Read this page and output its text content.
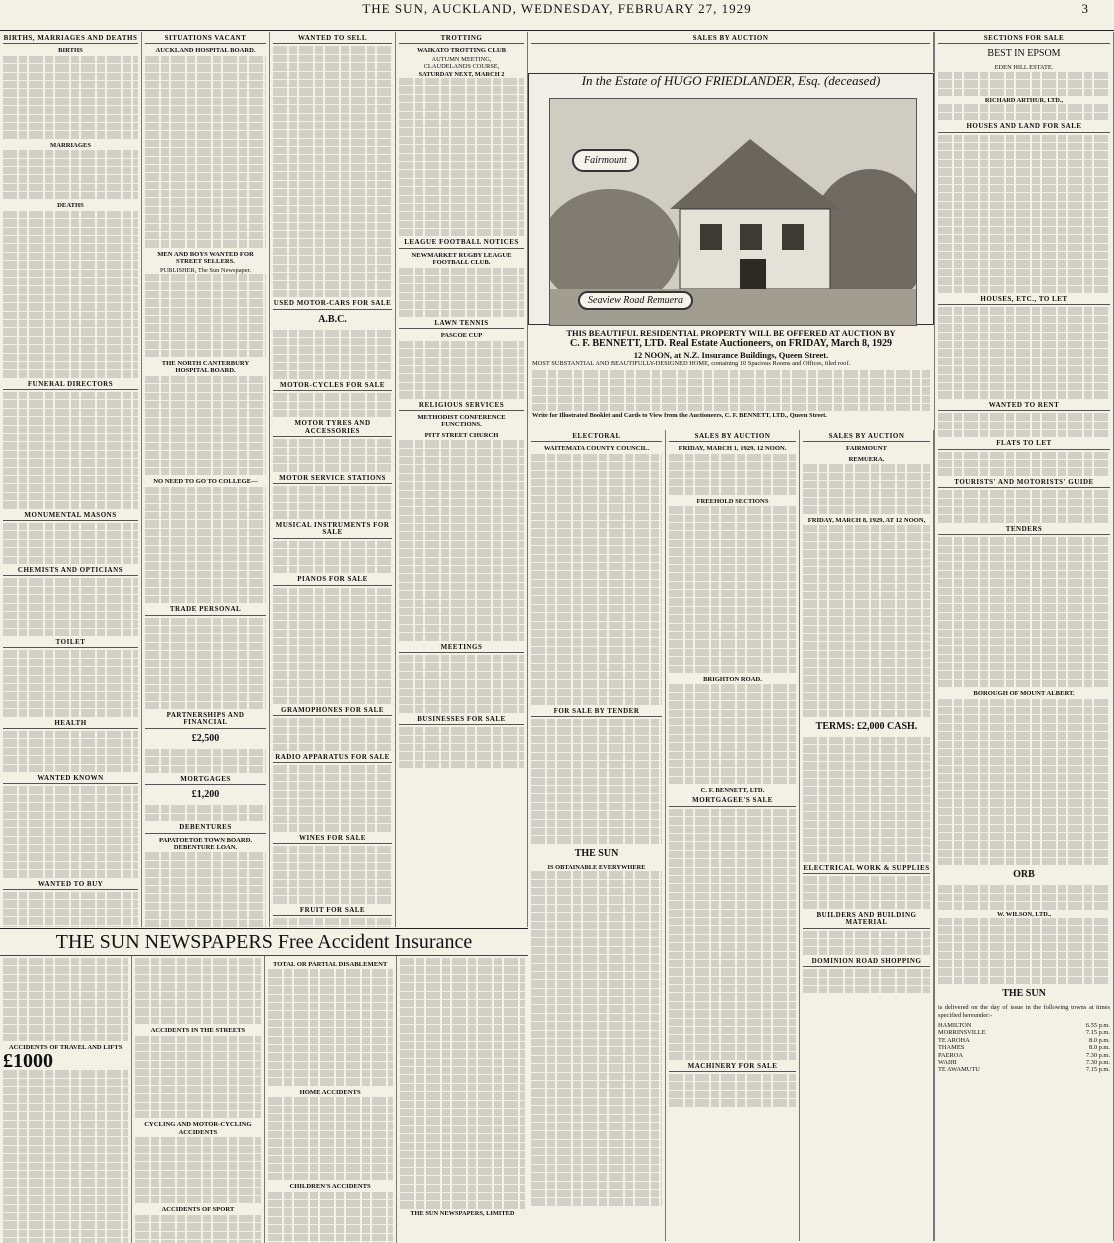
THE SUN, AUCKLAND, WEDNESDAY, FEBRUARY 27, 1929	3
BIRTHS, MARRIAGES AND DEATHS
BIRTHS
MARRIAGES
DEATHS
FUNERAL DIRECTORS
MONUMENTAL MASONS
CHEMISTS AND OPTICIANS
TOILET
HEALTH
WANTED KNOWN
WANTED TO BUY
SITUATIONS VACANT
AUCKLAND HOSPITAL BOARD.
MEN AND BOYS WANTED FOR STREET SELLERS.
PUBLISHER, The Sun Newspaper.
THE NORTH CANTERBURY HOSPITAL BOARD.
NO NEED TO GO TO COLLEGE—
TRADE PERSONAL
PARTNERSHIPS AND FINANCIAL
£2,500
MORTGAGES
£1,200
DEBENTURES
PAPATOETOE TOWN BOARD. DEBENTURE LOAN.
WANTED TO SELL
USED MOTOR-CARS FOR SALE
A.B.C.
MOTOR-CYCLES FOR SALE
MOTOR TYRES AND ACCESSORIES
MOTOR SERVICE STATIONS
MUSICAL INSTRUMENTS FOR SALE
PIANOS FOR SALE
GRAMOPHONES FOR SALE
RADIO APPARATUS FOR SALE
WINES FOR SALE
FRUIT FOR SALE
TROTTING
WAIKATO TROTTING CLUB
AUTUMN MEETING,
CLAUDELANDS COURSE,
SATURDAY NEXT, MARCH 2
LEAGUE FOOTBALL NOTICES
NEWMARKET RUGBY LEAGUE FOOTBALL CLUB.
LAWN TENNIS
PASCOE CUP
RELIGIOUS SERVICES
METHODIST CONFERENCE FUNCTIONS.
PITT STREET CHURCH
MEETINGS
BUSINESSES FOR SALE
SALES BY AUCTION
In the Estate of HUGO FRIEDLANDER, Esq. (deceased)
Fairmount
Seaview Road Remuera
THIS BEAUTIFUL RESIDENTIAL PROPERTY WILL BE OFFERED AT AUCTION BY
C. F. BENNETT, LTD. Real Estate Auctioneers, on FRIDAY, March 8, 1929
12 NOON, at N.Z. Insurance Buildings, Queen Street.

MOST SUBSTANTIAL AND BEAUTIFULLY-DESIGNED HOME, containing 10 Spacious Rooms and Offices, tiled roof.

Write for Illustrated Booklet and Cards to View from the Auctioneers, C. F. BENNETT, LTD., Queen Street.

ELECTORAL
WAITEMATA COUNTY COUNCIL.
FOR SALE BY TENDER
THE SUN
IS OBTAINABLE EVERYWHERE
SALES BY AUCTION
FRIDAY, MARCH 1, 1929, 12 NOON.
FREEHOLD SECTIONS
BRIGHTON ROAD.
C. F. BENNETT, LTD.
MORTGAGEE'S SALE
MACHINERY FOR SALE
SALES BY AUCTION
FAIRMOUNT
REMUERA.
FRIDAY, MARCH 8, 1929, AT 12 NOON,
TERMS: £2,000 CASH.
ELECTRICAL WORK & SUPPLIES
BUILDERS AND BUILDING MATERIAL
DOMINION ROAD SHOPPING
SECTIONS FOR SALE
BEST IN EPSOM
EDEN HILL ESTATE.
RICHARD ARTHUR, LTD.,
HOUSES AND LAND FOR SALE
HOUSES, ETC., TO LET
WANTED TO RENT
FLATS TO LET
TOURISTS' AND MOTORISTS' GUIDE
TENDERS
BOROUGH OF MOUNT ALBERT.
ORB
W. WILSON, LTD.,
THE SUN

is delivered on the day of issue in the following towns at times specified hereunder:-

HAMILTON	6.55 p.m.
MORRINSVILLE	7.15 p.m.
TE AROHA	8.0 p.m.
THAMES	8.0 p.m.
PAEROA	7.30 p.m.
WAIHI	7.30 p.m.
TE AWAMUTU	7.15 p.m.
THE SUN NEWSPAPERS Free Accident Insurance
ACCIDENTS OF TRAVEL AND LIFTS
£1000
ACCIDENTS IN THE STREETS
CYCLING AND MOTOR-CYCLING ACCIDENTS
ACCIDENTS OF SPORT
TOTAL OR PARTIAL DISABLEMENT
HOME ACCIDENTS
CHILDREN'S ACCIDENTS
THE SUN NEWSPAPERS, LIMITED
